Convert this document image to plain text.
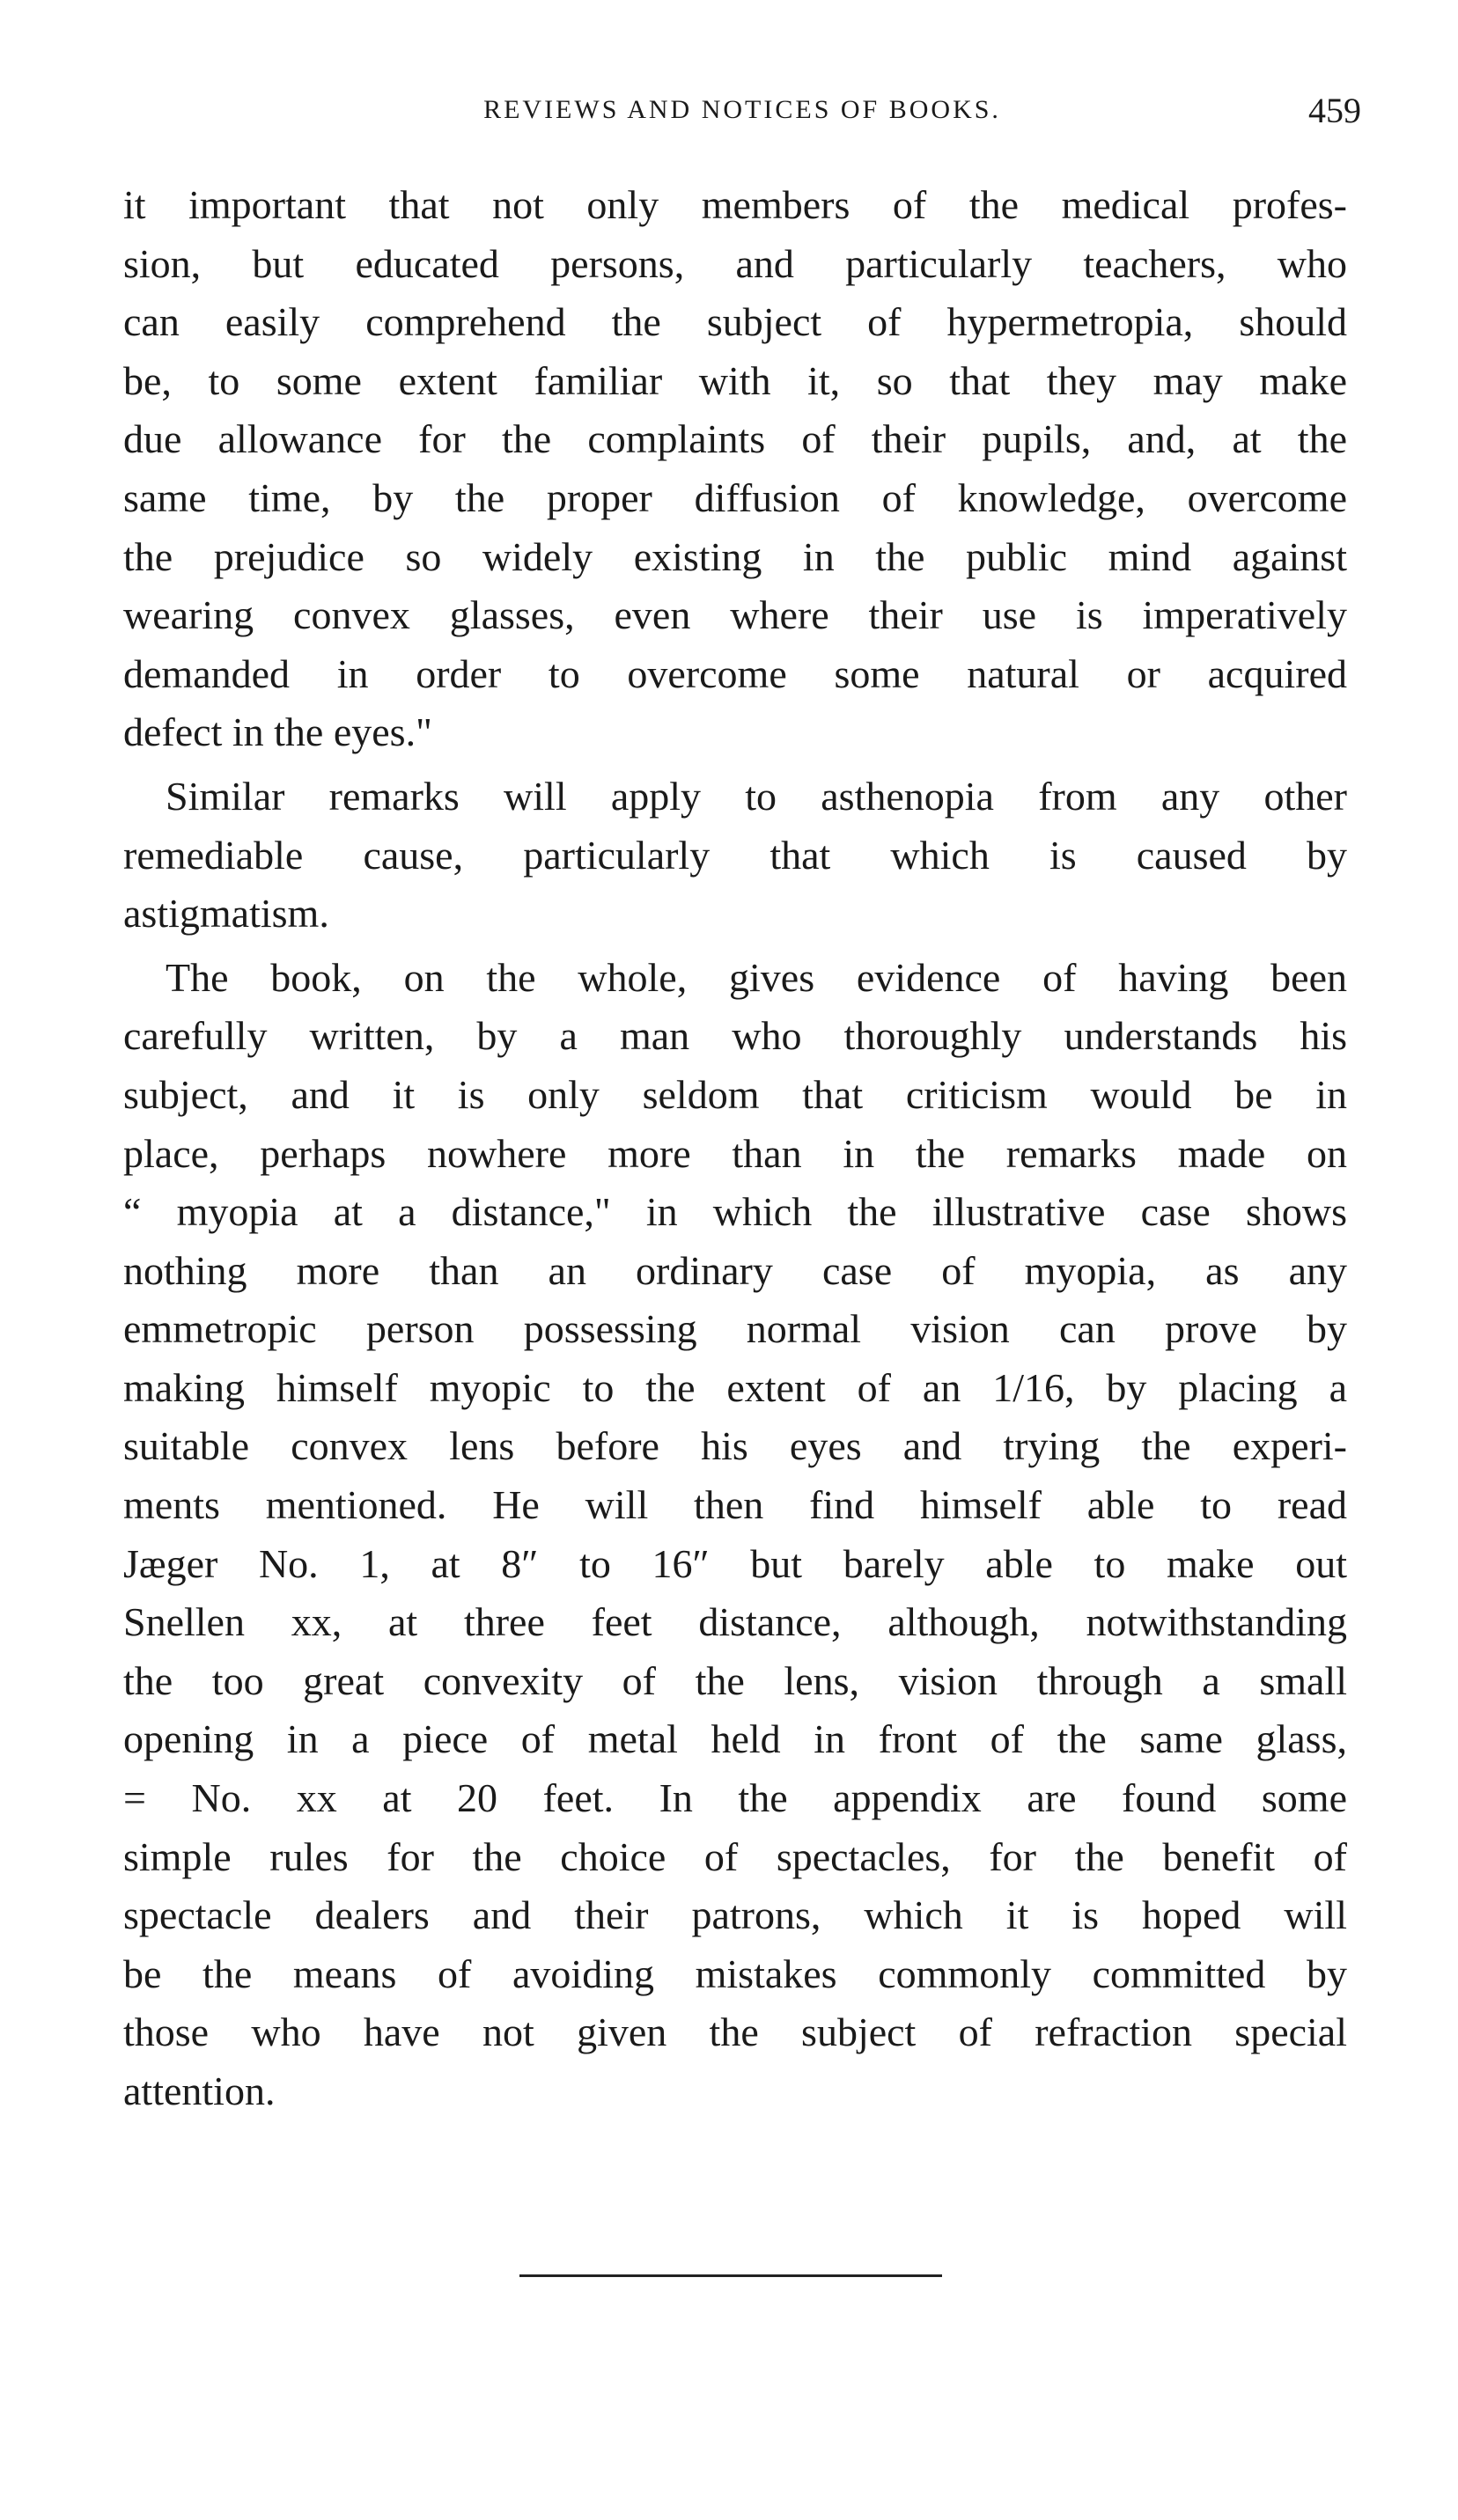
REVIEWS AND NOTICES OF BOOKS.	459
it important that not only members of the medical profes-
sion, but educated persons, and particularly teachers, who
can easily comprehend the subject of hypermetropia, should
be, to some extent familiar with it, so that they may make
due allowance for the complaints of their pupils, and, at the
same time, by the proper diffusion of knowledge, overcome
the prejudice so widely existing in the public mind against
wearing convex glasses, even where their use is imperatively
demanded in order to overcome some natural or acquired
defect in the eyes."
Similar remarks will apply to asthenopia from any other
remediable cause, particularly that which is caused by
astigmatism.
The book, on the whole, gives evidence of having been
carefully written, by a man who thoroughly understands his
subject, and it is only seldom that criticism would be in
place, perhaps nowhere more than in the remarks made on
“ myopia at a distance," in which the illustrative case shows
nothing more than an ordinary case of myopia, as any
emmetropic person possessing normal vision can prove by
making himself myopic to the extent of an 1/16, by placing a
suitable convex lens before his eyes and trying the experi-
ments mentioned. He will then find himself able to read
Jæger No. 1, at 8″ to 16″ but barely able to make out
Snellen xx, at three feet distance, although, notwithstanding
the too great convexity of the lens, vision through a small
opening in a piece of metal held in front of the same glass,
= No. xx at 20 feet. In the appendix are found some
simple rules for the choice of spectacles, for the benefit of
spectacle dealers and their patrons, which it is hoped will
be the means of avoiding mistakes commonly committed by
those who have not given the subject of refraction special
attention.
